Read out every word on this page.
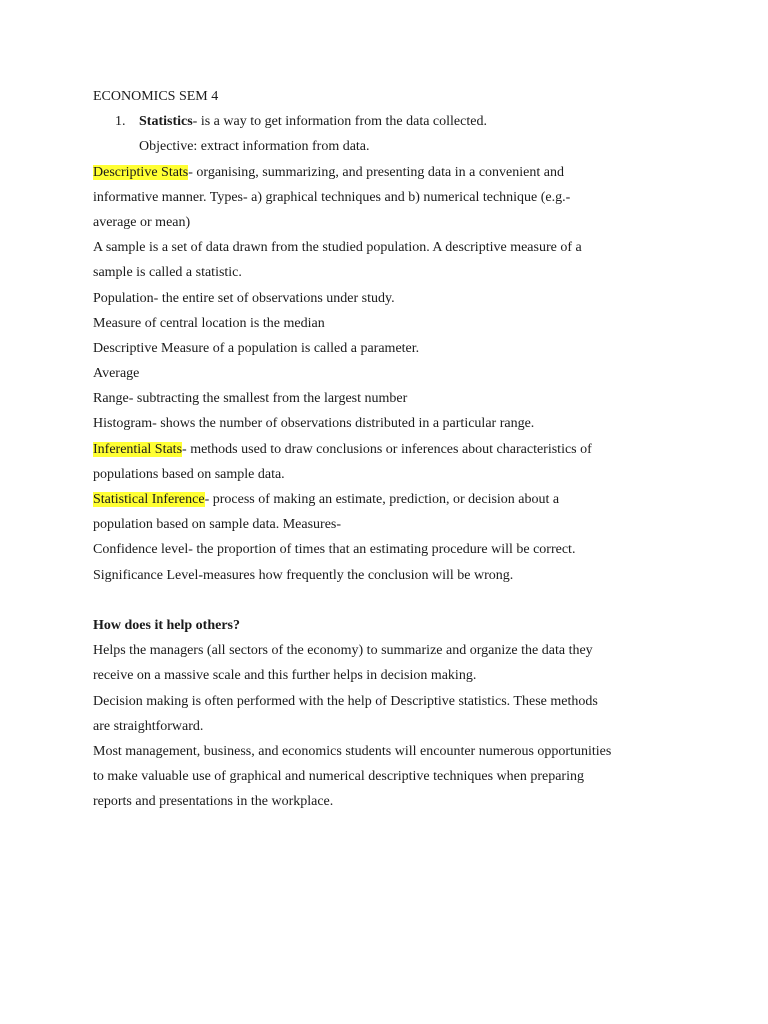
ECONOMICS SEM 4
1. Statistics- is a way to get information from the data collected.
Objective: extract information from data.
Descriptive Stats- organising, summarizing, and presenting data in a convenient and
informative manner. Types- a) graphical techniques and b) numerical technique (e.g.-
average or mean)
A sample is a set of data drawn from the studied population. A descriptive measure of a
sample is called a statistic.
Population- the entire set of observations under study.
Measure of central location is the median
Descriptive Measure of a population is called a parameter.
Average
Range- subtracting the smallest from the largest number
Histogram- shows the number of observations distributed in a particular range.
Inferential Stats- methods used to draw conclusions or inferences about characteristics of
populations based on sample data.
Statistical Inference- process of making an estimate, prediction, or decision about a
population based on sample data. Measures-
Confidence level- the proportion of times that an estimating procedure will be correct.
Significance Level-measures how frequently the conclusion will be wrong.
How does it help others?
Helps the managers (all sectors of the economy) to summarize and organize the data they
receive on a massive scale and this further helps in decision making.
Decision making is often performed with the help of Descriptive statistics. These methods
are straightforward.
Most management, business, and economics students will encounter numerous opportunities
to make valuable use of graphical and numerical descriptive techniques when preparing
reports and presentations in the workplace.
